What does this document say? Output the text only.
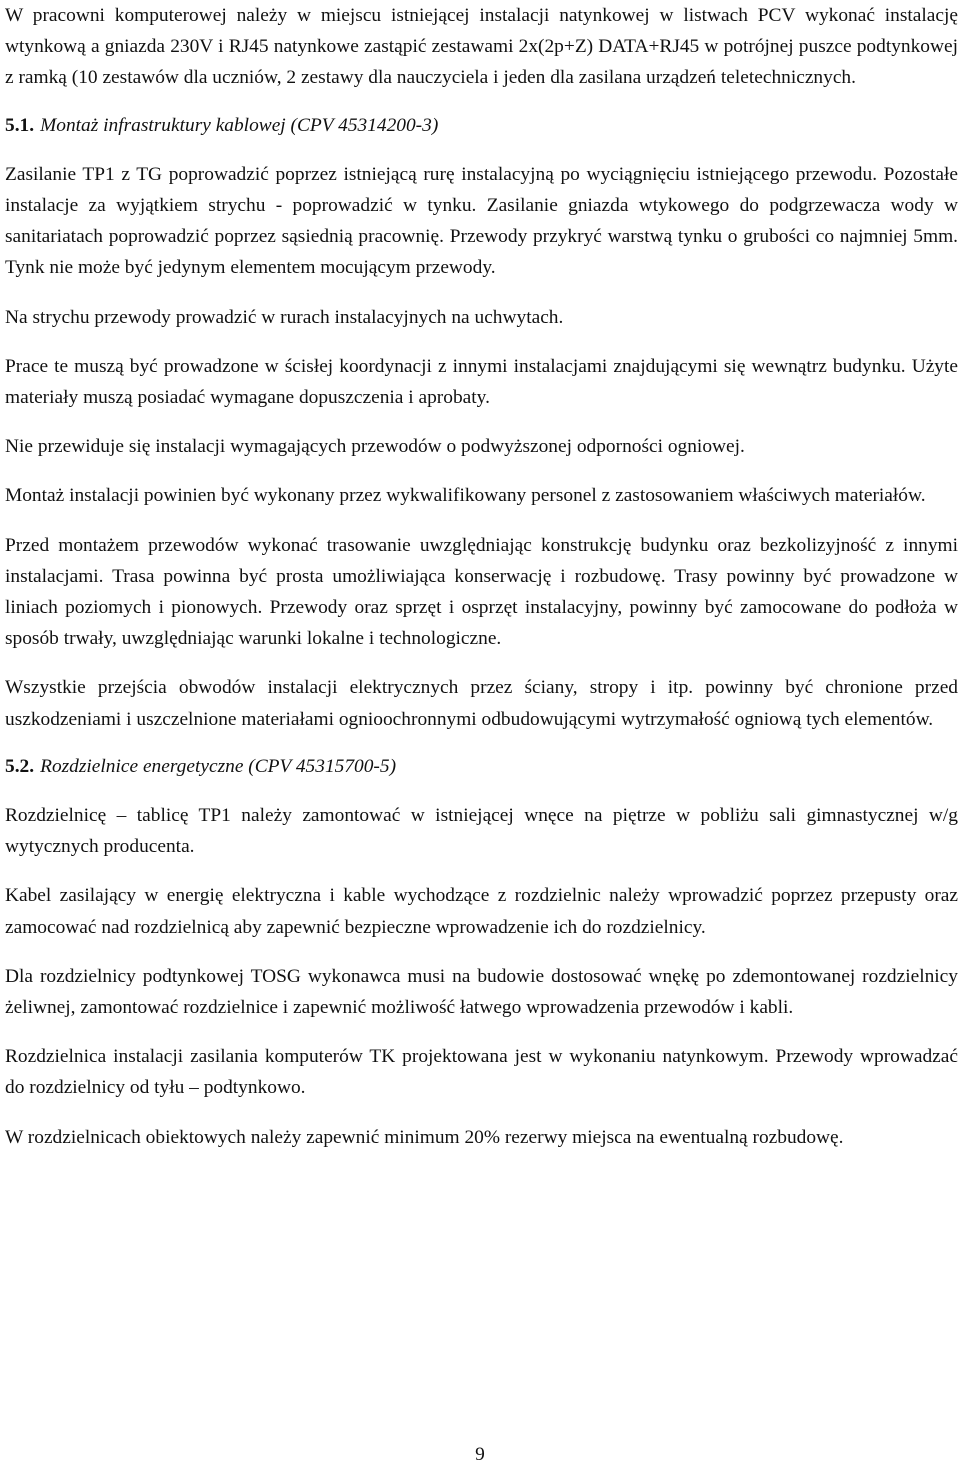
W pracowni komputerowej należy w miejscu istniejącej instalacji natynkowej w listwach PCV wykonać instalację wtynkową a gniazda 230V i RJ45 natynkowe zastąpić zestawami 2x(2p+Z) DATA+RJ45 w potrójnej puszce podtynkowej z ramką (10 zestawów dla uczniów, 2 zestawy dla nauczyciela i jeden dla zasilana urządzeń teletechnicznych.

5.1. Montaż infrastruktury kablowej (CPV 45314200-3)

Zasilanie TP1 z TG poprowadzić poprzez istniejącą rurę instalacyjną po wyciągnięciu istniejącego przewodu. Pozostałe instalacje za wyjątkiem strychu - poprowadzić w tynku. Zasilanie gniazda wtykowego do podgrzewacza wody w sanitariatach poprowadzić poprzez sąsiednią pracownię. Przewody przykryć warstwą tynku o grubości co najmniej 5mm. Tynk nie może być jedynym elementem mocującym przewody.

Na strychu przewody prowadzić w rurach instalacyjnych na uchwytach.

Prace te muszą być prowadzone w ścisłej koordynacji z innymi instalacjami znajdującymi się wewnątrz budynku. Użyte materiały muszą posiadać wymagane dopuszczenia i aprobaty.

Nie przewiduje się instalacji wymagających przewodów o podwyższonej odporności ogniowej.

Montaż instalacji powinien być wykonany przez wykwalifikowany personel z zastosowaniem właściwych materiałów.

Przed montażem przewodów wykonać trasowanie uwzględniając konstrukcję budynku oraz bezkolizyjność z innymi instalacjami. Trasa powinna być prosta umożliwiająca konserwację i rozbudowę. Trasy powinny być prowadzone w liniach poziomych i pionowych. Przewody oraz sprzęt i osprzęt instalacyjny, powinny być zamocowane do podłoża w sposób trwały, uwzględniając warunki lokalne i technologiczne.

Wszystkie przejścia obwodów instalacji elektrycznych przez ściany, stropy i itp. powinny być chronione przed uszkodzeniami i uszczelnione materiałami ognioochronnymi odbudowującymi wytrzymałość ogniową tych elementów.

5.2. Rozdzielnice energetyczne (CPV 45315700-5)

Rozdzielnicę – tablicę TP1 należy zamontować w istniejącej wnęce na piętrze w pobliżu sali gimnastycznej w/g wytycznych producenta.

Kabel zasilający w energię elektryczna i kable wychodzące z rozdzielnic należy wprowadzić poprzez przepusty oraz zamocować nad rozdzielnicą aby zapewnić bezpieczne wprowadzenie ich do rozdzielnicy.

Dla rozdzielnicy podtynkowej TOSG wykonawca musi na budowie dostosować wnękę po zdemontowanej rozdzielnicy żeliwnej, zamontować rozdzielnice i zapewnić możliwość łatwego wprowadzenia przewodów i kabli.

Rozdzielnica instalacji zasilania komputerów TK projektowana jest w wykonaniu natynkowym. Przewody wprowadzać do rozdzielnicy od tyłu – podtynkowo.

W rozdzielnicach obiektowych należy zapewnić minimum 20% rezerwy miejsca na ewentualną rozbudowę.

9
